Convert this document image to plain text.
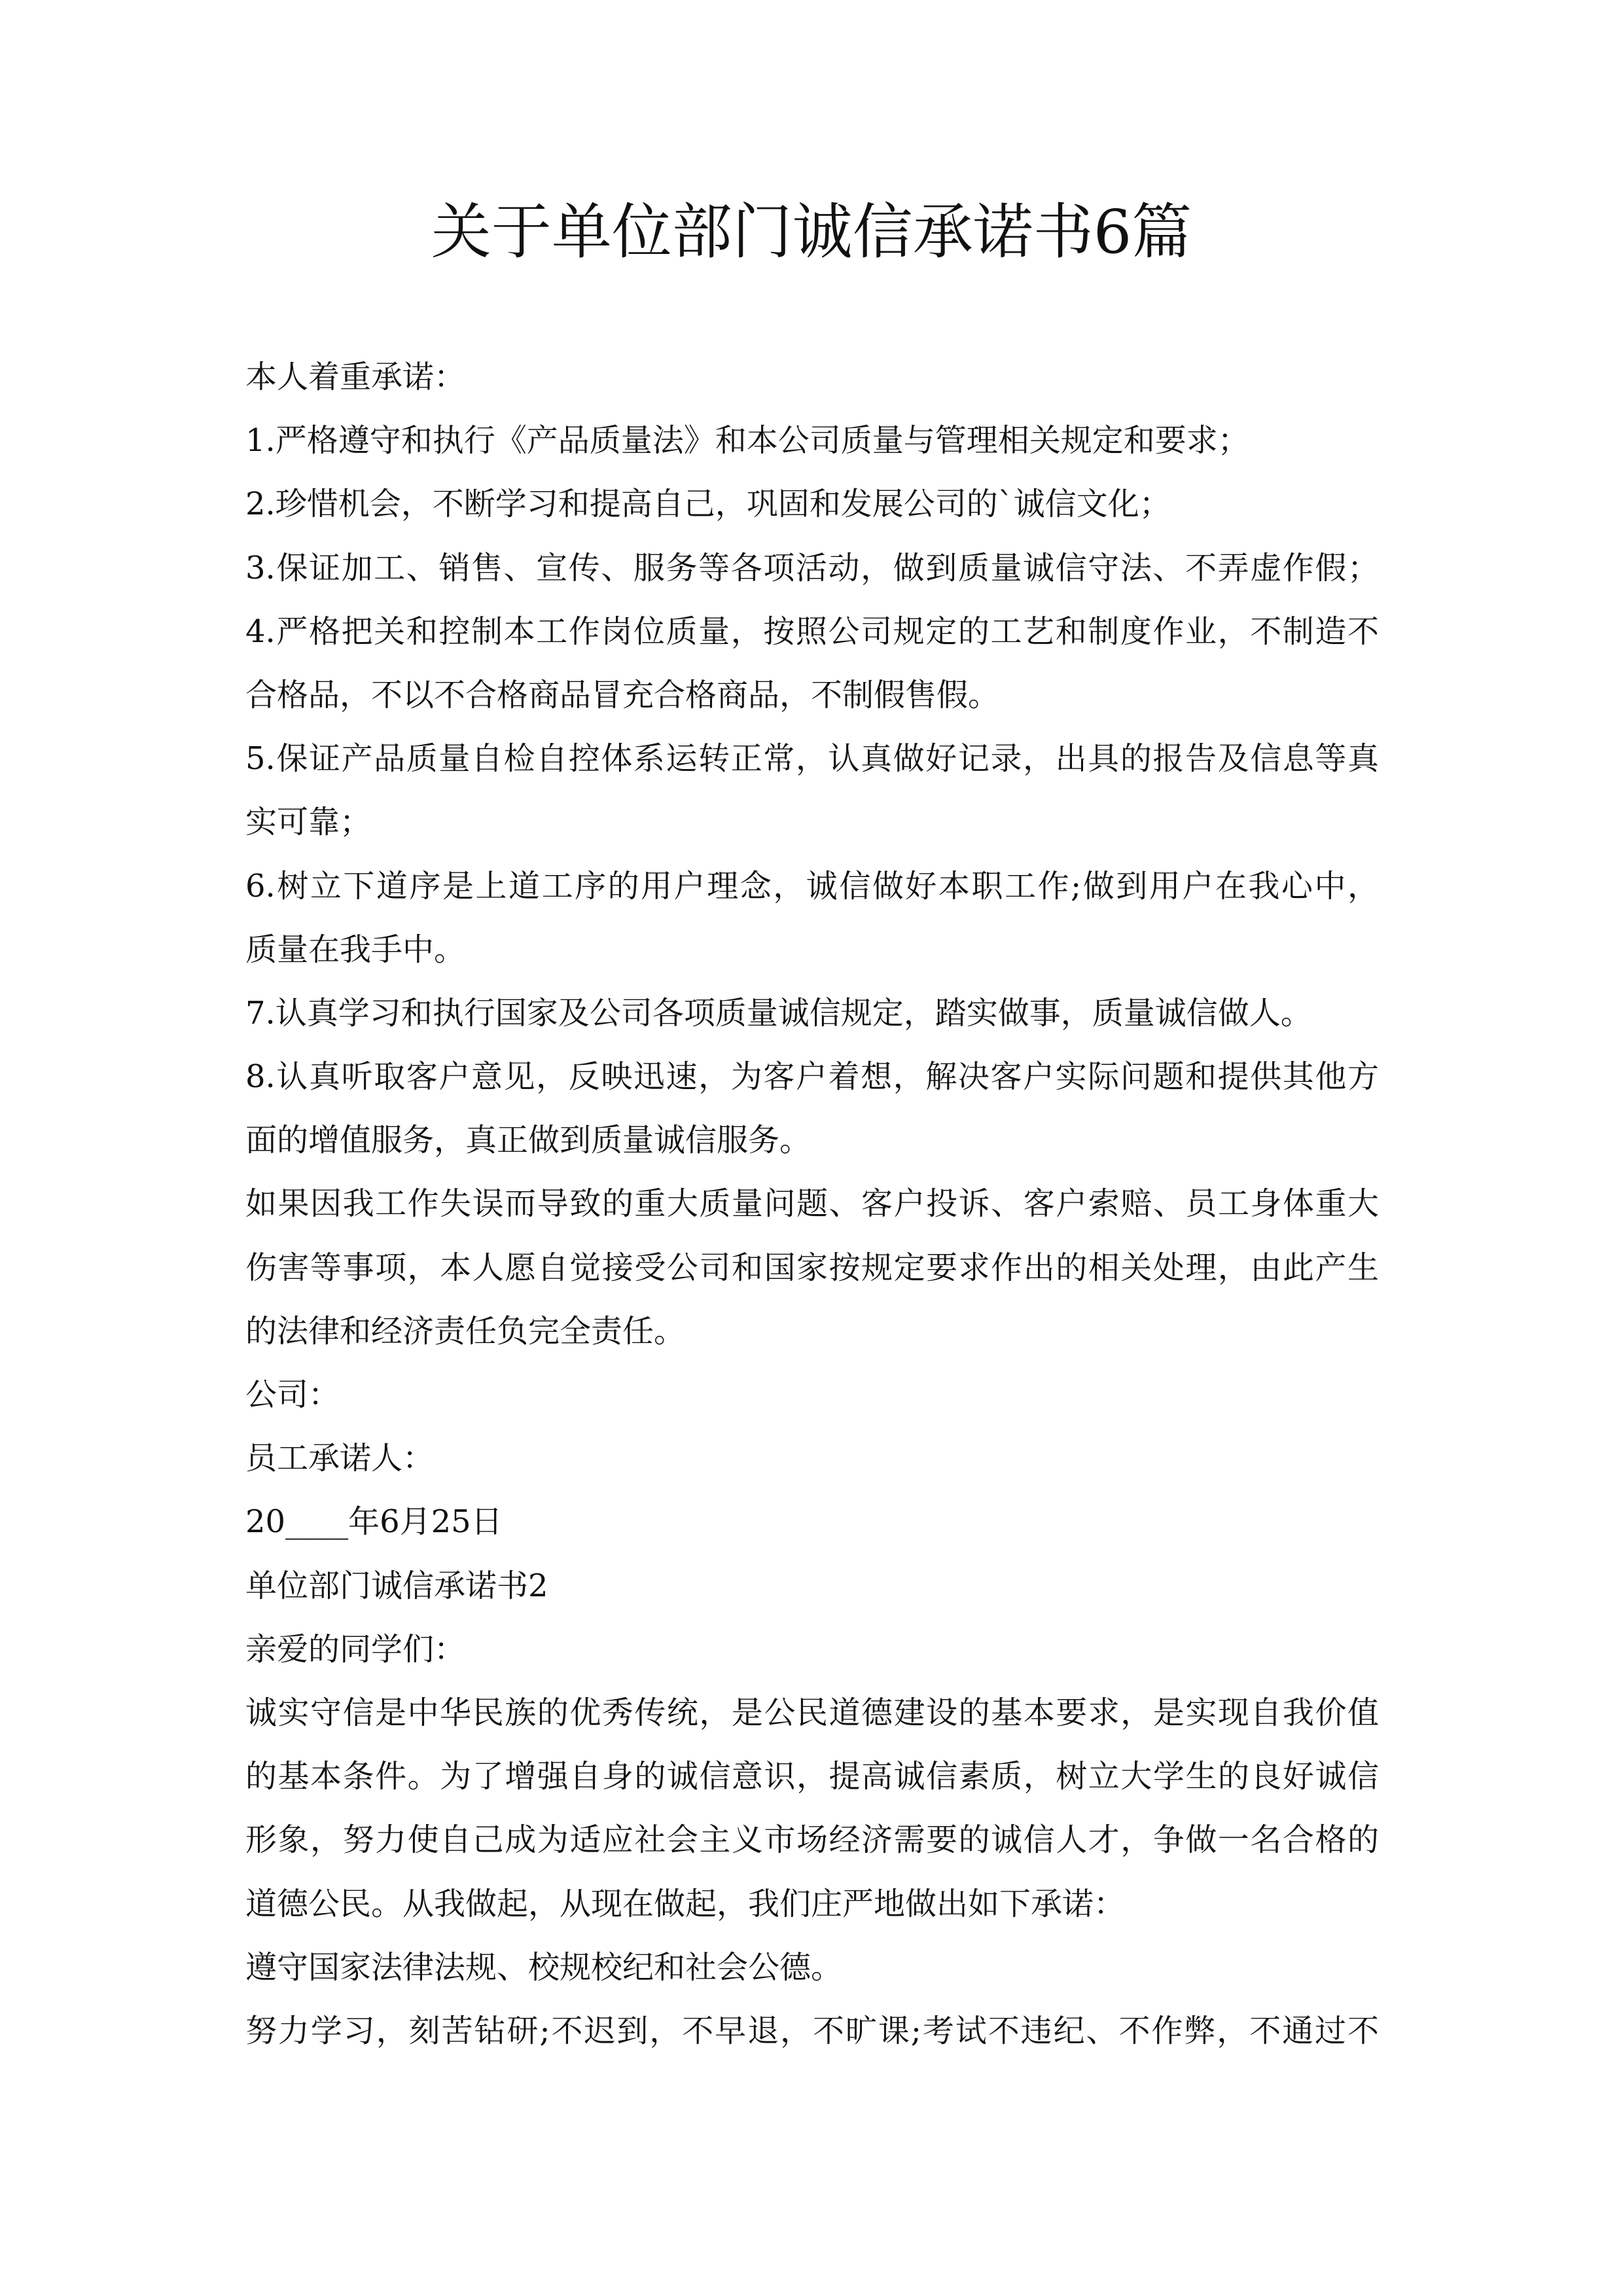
关于单位部门诚信承诺书6篇
本人着重承诺：
1.严格遵守和执行《产品质量法》和本公司质量与管理相关规定和要求；
2.珍惜机会，不断学习和提高自己，巩固和发展公司的`诚信文化；
3.保证加工、销售、宣传、服务等各项活动，做到质量诚信守法、不弄虚作假；
4.严格把关和控制本工作岗位质量，按照公司规定的工艺和制度作业，不制造不
合格品，不以不合格商品冒充合格商品，不制假售假。
5.保证产品质量自检自控体系运转正常，认真做好记录，出具的报告及信息等真
实可靠；
6.树立下道序是上道工序的用户理念，诚信做好本职工作;做到用户在我心中，
质量在我手中。
7.认真学习和执行国家及公司各项质量诚信规定，踏实做事，质量诚信做人。
8.认真听取客户意见，反映迅速，为客户着想，解决客户实际问题和提供其他方
面的增值服务，真正做到质量诚信服务。
如果因我工作失误而导致的重大质量问题、客户投诉、客户索赔、员工身体重大
伤害等事项，本人愿自觉接受公司和国家按规定要求作出的相关处理，由此产生
的法律和经济责任负完全责任。
公司：
员工承诺人：
20____年6月25日
单位部门诚信承诺书2
亲爱的同学们：
诚实守信是中华民族的优秀传统，是公民道德建设的基本要求，是实现自我价值
的基本条件。为了增强自身的诚信意识，提高诚信素质，树立大学生的良好诚信
形象，努力使自己成为适应社会主义市场经济需要的诚信人才，争做一名合格的
道德公民。从我做起，从现在做起，我们庄严地做出如下承诺：
遵守国家法律法规、校规校纪和社会公德。
努力学习，刻苦钻研;不迟到，不早退，不旷课;考试不违纪、不作弊，不通过不
